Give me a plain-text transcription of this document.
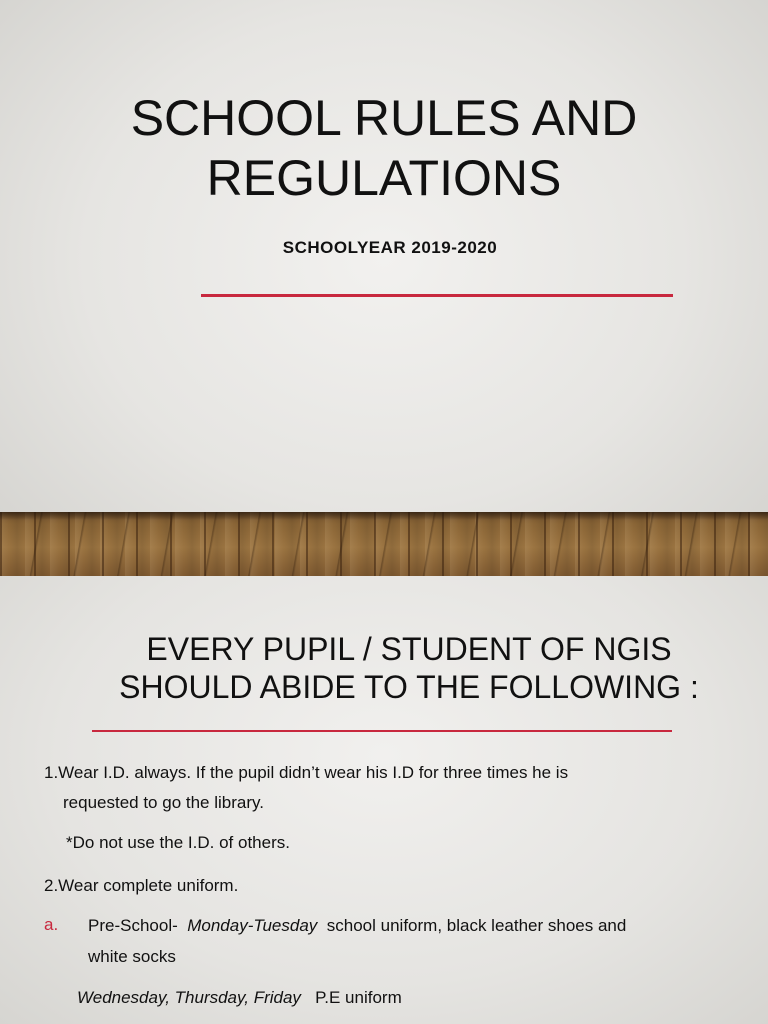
SCHOOL RULES AND
REGULATIONS
SCHOOLYEAR 2019-2020
EVERY PUPIL / STUDENT OF NGIS
SHOULD ABIDE TO THE FOLLOWING :
1.Wear I.D. always. If the pupil didn’t wear his I.D for three times he is
requested to go the library.
*Do not use the I.D. of others.
2.Wear complete uniform.
a. Pre-School- Monday-Tuesday school uniform, black leather shoes and
white socks
Wednesday, Thursday, Friday P.E uniform
